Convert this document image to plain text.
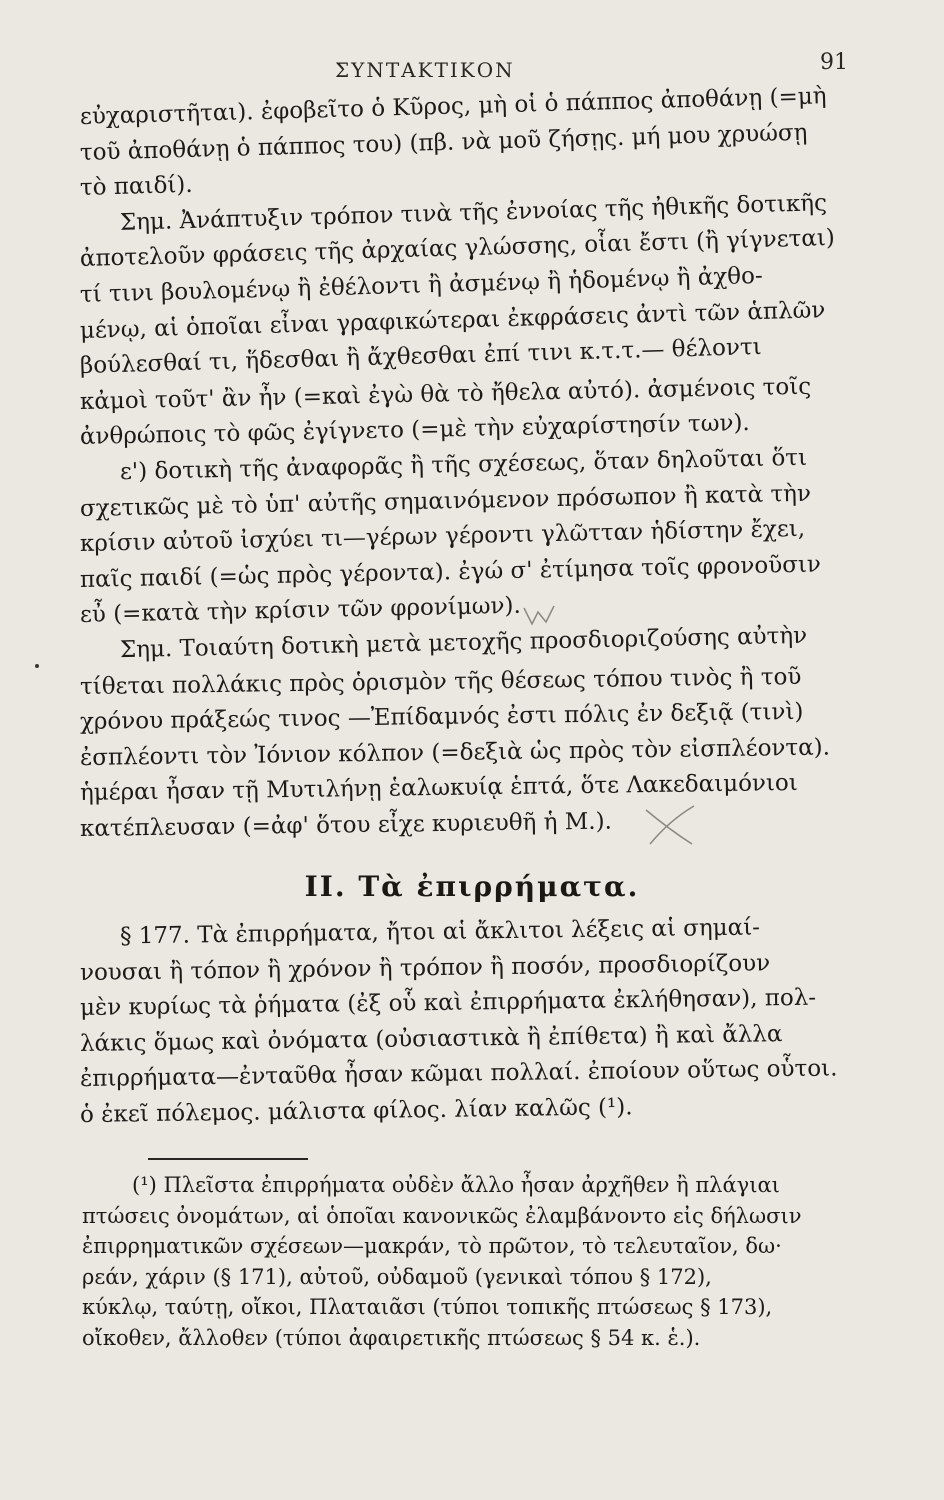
ΣΥΝΤΑΚΤΙΚΟΝ	91
εὐχαριστῆται). ἐφοβεῖτο ὁ Κῦρος, μὴ οἱ ὁ πάππος ἀποθάνῃ (=μὴ
τοῦ ἀποθάνῃ ὁ πάππος του) (πβ. νὰ μοῦ ζήσῃς. μή μου χρυώσῃ
τὸ παιδί).
Σημ. Ἀνάπτυξιν τρόπον τινὰ τῆς ἐννοίας τῆς ἠθικῆς δοτικῆς
ἀποτελοῦν φράσεις τῆς ἀρχαίας γλώσσης, οἷαι ἔστι (ἢ γίγνεται)
τί τινι βουλομένῳ ἢ ἐθέλοντι ἢ ἀσμένῳ ἢ ἡδομένῳ ἢ ἀχθο-
μένῳ, αἱ ὁποῖαι εἶναι γραφικώτεραι ἐκφράσεις ἀντὶ τῶν ἁπλῶν
βούλεσθαί τι, ἥδεσθαι ἢ ἄχθεσθαι ἐπί τινι κ.τ.τ.— θέλοντι
κἀμοὶ τοῦτ' ἂν ἦν (=καὶ ἐγὼ θὰ τὸ ἤθελα αὐτό). ἀσμένοις τοῖς
ἀνθρώποις τὸ φῶς ἐγίγνετο (=μὲ τὴν εὐχαρίστησίν των).
ε') δοτικὴ τῆς ἀναφορᾶς ἢ τῆς σχέσεως, ὅταν δηλοῦται ὅτι
σχετικῶς μὲ τὸ ὑπ' αὐτῆς σημαινόμενον πρόσωπον ἢ κατὰ τὴν
κρίσιν αὐτοῦ ἰσχύει τι—γέρων γέροντι γλῶτταν ἡδίστην ἔχει,
παῖς παιδί (=ὡς πρὸς γέροντα). ἐγώ σ' ἐτίμησα τοῖς φρονοῦσιν
εὖ (=κατὰ τὴν κρίσιν τῶν φρονίμων).
Σημ. Τοιαύτη δοτικὴ μετὰ μετοχῆς προσδιοριζούσης αὐτὴν
τίθεται πολλάκις πρὸς ὁρισμὸν τῆς θέσεως τόπου τινὸς ἢ τοῦ
χρόνου πράξεώς τινος —Ἐπίδαμνός ἐστι πόλις ἐν δεξιᾷ (τινὶ)
ἐσπλέοντι τὸν Ἰόνιον κόλπον (=δεξιὰ ὡς πρὸς τὸν εἰσπλέοντα).
ἡμέραι ἦσαν τῇ Μυτιλήνῃ ἑαλωκυίᾳ ἑπτά, ὅτε Λακεδαιμόνιοι
κατέπλευσαν (=ἀφ' ὅτου εἶχε κυριευθῆ ἡ Μ.).
ΙΙ. Τὰ ἐπιρρήματα.
§ 177. Τὰ ἐπιρρήματα, ἤτοι αἱ ἄκλιτοι λέξεις αἱ σημαί-
νουσαι ἢ τόπον ἢ χρόνον ἢ τρόπον ἢ ποσόν, προσδιορίζουν
μὲν κυρίως τὰ ῥήματα (ἐξ οὗ καὶ ἐπιρρήματα ἐκλήθησαν), πολ-
λάκις ὅμως καὶ ὀνόματα (οὐσιαστικὰ ἢ ἐπίθετα) ἢ καὶ ἄλλα
ἐπιρρήματα—ἐνταῦθα ἦσαν κῶμαι πολλαί. ἐποίουν οὕτως οὗτοι.
ὁ ἐκεῖ πόλεμος. μάλιστα φίλος. λίαν καλῶς (¹).
(¹) Πλεῖστα ἐπιρρήματα οὐδὲν ἄλλο ἦσαν ἀρχῆθεν ἢ πλάγιαι
πτώσεις ὀνομάτων, αἱ ὁποῖαι κανονικῶς ἐλαμβάνοντο εἰς δήλωσιν
ἐπιρρηματικῶν σχέσεων—μακράν, τὸ πρῶτον, τὸ τελευταῖον, δω·
ρεάν, χάριν (§ 171), αὐτοῦ, οὐδαμοῦ (γενικαὶ τόπου § 172),
κύκλῳ, ταύτῃ, οἴκοι, Πλαταιᾶσι (τύποι τοπικῆς πτώσεως § 173),
οἴκοθεν, ἄλλοθεν (τύποι ἀφαιρετικῆς πτώσεως § 54 κ. ἑ.).
